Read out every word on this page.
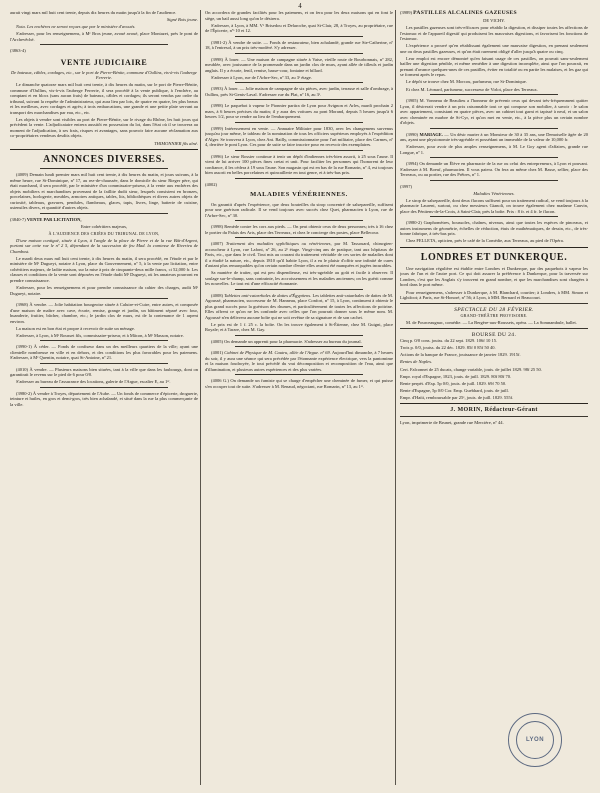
4

aurait vingt mars mil huit cent trente, depuis dix heures du matin jusqu'à la fin de l'audience.

Signé Bois jeune.

Nota. Les enchères ne seront reçues que par le ministère d'avoués.

S'adresser, pour les renseignemens, à Mᵉ Bros jeune, avoué avoué, place Montazet, près le pont de l'Archevêché.

(3863-4)

VENTE JUDICIAIRE

De bateaux, câbles, cordages, etc., sur le port de Pierre-Bénite, commune d'Oullins, vis-à-vis l'auberge Ferrerie.

Le dimanche quatorze mars mil huit cent trente, à dix heures du matin, sur le port de Pierre-Bénite, commune d'Oullins, vis-à-vis l'auberge Ferrerie, il sera procédé à la vente publique, à l'enchère, au comptant et en blocs (sans aucun frais) de bateaux, câbles et cordages; ils seront vendus par ordre du tribunal, suivant la requête de l'administrateur, qui aura lieu par lots, de quatre en quatre, les plus beaux et les meilleurs, avec cordages et agrès; à trois embarcations, une grande et une petite plate servant au transport des marchandises par eau, etc., etc.

Les objets à vendre sont visibles au port de Pierre-Bénite, sur le rivage du Rhône, les huit jours qui précèdent la vente. L'adjudicataire entrera aussitôt en possession du lot, dans l'état où il se trouvera au moment de l'adjudication, à ses frais, risques et avantages, sans pouvoir faire aucune réclamation aux co-propriétaires vendeurs desdits objets.

THIMONNIER fils aîné.

ANNONCES DIVERSES.

(4009) Demain lundi premier mars mil huit cent trente, à dix heures du matin, et jours suivans, à la même heure, rue St-Dominique, nº 17, au rez-de-chaussée, dans le domicile du sieur Rieger père, qui était marchand, il sera procédé, par le ministère d'un commissaire-priseur, à la vente aux enchères des objets mobiliers et marchandises provenant de la faillite dudit sieur, lesquels consistent en bronzes, porcelaines, horlogerie, meubles, armoires antiques, tables, lits, bibliothèques et divers autres objets de curiosité, tableaux, gravures, pendules, flambeaux, glaces, tapis, livres, linge, batterie de cuisine, ustensiles divers, et quantité d'autres objets.

(3840-7) VENTE PAR LICITATION,

Entre cohéritiers majeurs,

À L'AUDIENCE DES CRIÉES DU TRIBUNAL DE LYON,

D'une maison contiguë, située à Lyon, à l'angle de la place de Pierre et de la rue Bât-d'Argent, portant sur cette rue le nº 2 5, dépendant de la succession de feu Mad. la comtesse de Riverieu de Chambost.

Le mardi deux mars mil huit cent trente, à dix heures du matin, il sera procédé, en l'étude et par le ministère de Mᵉ Dugueyt, notaire à Lyon, place du Gouvernement, nº 5, à la vente par licitation, entre cohéritiers majeurs, de ladite maison, sur la mise à prix de cinquante-deux mille francs, ci 52,000 fr. Les clauses et conditions de la vente sont déposées en l'étude dudit Mᵉ Dugueyt, où les amateurs pourront en prendre connaissance.

S'adresser, pour les renseignemens et pour prendre connaissance du cahier des charges, audit Mᵉ Dugueyt, notaire.

(3968) À vendre. — Jolie habitation bourgeoise située à Caluire-et-Cuire, entre autres, et composée d'une maison de maître avec cave, écurie, remise, grange et jardin, un bâtiment séparé avec four, buanderie, fruitier, bûcher, chambre, etc.; le jardin clos de murs, est de la contenance de 1 arpent environ.

La maison est en bon état et propre à recevoir de suite un ménage.

S'adresser, à Lyon, à Mᵉ Rousset fils, commissaire-priseur, et à Mâcon, à Mᵉ Masson, notaire.

(3990-1) À céder. — Fonds de confiseur dans un des meilleurs quartiers de la ville; ayant une clientelle nombreuse en ville et en dehors, et des conditions les plus favorables pour les paiemens. S'adresser, à Mᵉ Quentin, notaire, quai St-Antoine, nº 21.

(4010) À vendre. — Plusieurs maisons bien situées, tant à la ville que dans les faubourgs, dont on garantirait le revenu sur le pied de 6 pour 0/0.

S'adresser au bureau de l'assurance des locations, galerie de l'Argue, escalier E, au 1ᵉʳ.

(3980-2) À vendre à Troyes, département de l'Aube. — Un fonds de commerce d'épicerie, droguerie, teinture et huiles, en gros et demi-gros, très bien achalandé, et situé dans la rue la plus commerçante de la ville.

On accordera de grandes facilités pour les paiemens, et on fera pour les deux maisons qui en font le siège, un bail aussi long qu'on le désirera.

S'adresser, à Lyon, à MM. Vᵉ Brisedou et Delarocbe, quai St-Clair, 28, à Troyes, au propriétaire, rue de l'Épicerie, nºˢ 10 et 12.

(3981-2) À vendre de suite. — Fonds de restaurateur, bien achalandé, grande rue Ste-Catherine, nº 18, à l'entresol, à un prix très-modéré. S'y adresser.

(3998) À louer. — Une maison de campagne située à Vaise, vieille route de Bourbonnais, nº 282, meublée, avec jouissance de la promenade dans un jardin clos de murs, ayant allée de tilleuls et jardin anglais. Il y a écurie, fenil, remise, basse-cour, fontaine et billard.

S'adresser à Lyon, rue de l'Arbre-Sec, nº 33, au 3ᵉ étage.

(3993) À louer. — Jolie maison de campagne de six pièces, avec jardin, terrasse et salle d'ombrage, à Oullins, près St-Genis-Laval. S'adresser rue du Plat, nº 16, au 3ᵉ.

(3998) Le paquebot à vapeur le Pionnier partira de Lyon pour Avignon et Arles, mardi prochain 2 mars, à 6 heures précises du matin; il y aura des voitures au pont Morand, depuis 5 heures jusqu'à 6 heures 1/2, pour se rendre au lieu de l'embarquement.

(3999) Intéressement en vente. — Annuaire Militaire pour 1830, avec les changemens survenus jusqu'au jour même, le tableau de la nomination de tous les officiers supérieurs employés à l'expédition d'Alger. Se trouvera à Lyon, chez Ant. Bailly, commissionnaire pour l'art militaire, place des Carmes, nº 4, derrière le pont Lyon. Ces pour de suite se faire inscrire pour en recevoir des exemplaires.

(3996) Le sieur Rossier continue à tenir un dépôt d'indiennes très-bien assorti, à 25 sous l'aune. Il vient de lui arriver 100 pièces fines cretat et unit. Pour faciliter les personnes qui l'honorent de leur confiance, il les cédera à 19 sous l'aune. Son magasin qui est en bas de la rue Romarin, nº 4, est toujours bien assorti en belles porcelaines et quincaillerie en tout genre, et à très-bas prix.

(4002)

MALADIES VÉNÉRIENNES.

On garantit d'après l'expérience, que deux bouteilles du sirop concentré de salsepareille, suffisent pour une guérison radicale. Il se vend toujours avec succès chez Quet, pharmacien à Lyon, rue de l'Arbre-Sec, nº 30.

(3998) Remède contre les cors aux pieds. — On peut obtenir ceux de deux personnes; très à 16 chez le portier du Palais des Arts, place des Terreaux, et chez le concierge des postes, place Bellecour.

(4007) Traitement des maladies syphilitiques ou vénériennes, par M. Tassouard, chirurgien-accoucheur à Lyon, rue Lafont, nº 26, au 2ᵉ étage. Vingt-cinq ans de pratique, tant aux hôpitaux de Paris, etc., que dans le civil. Tout mis au courant du traitement véritable de ces sortes de maladies dont il a étudié la nature, etc., depuis 1810 qu'il habite Lyon, il a eu le plaisir d'offrir une infinité de cures d'autant plus remarquables qu'on certain nombre d'entre elles avaient été manquées et jugées incurables.

Sa manière de traiter, qui est peu dispendieuse, est très-agréable au goût et facile à observer. Il soulage sur-le-champ, sans contrainte, les accroissemens et les maladies anciennes; on les guérit comme les nouvelles. Le tout est d'une efficacité étonnante.

(4008) Tablettes anti-catarrhales de dattes d'Égyptiens. Les tablettes anti-catarrhales de dattes de M. Agoussé, pharmacien, successeur de M. Hanneau, place Confort, nº 15, à Lyon, continuent à obtenir le plus grand succès pour la guérison des rhumes, et particulièrement de toutes les affections de poitrine. Elles offrent ce qu'on ne les confonde avec celles que l'on pourrait donner sous le même nom. M. Agoussé n'en délivrera aucune boîte qui ne soit revêtue de sa signature et de son cachet.

Le prix est de 1 f. 25 c. la boîte. On les trouve également à St-Étienne, chez M. Guigni, place Royale; et à Tarare, chez M. Gay.

(4005) On demande un apprenti pour la pharmacie. S'adresser au bureau du journal.

(4001) Cabinet de Physique de M. Cautru, allée de l'Argue. nº 69. Aujourd'hui dimanche, à 7 heures du soir, il y aura une séance qui sera précédée par l'étonnante expérience électrique, vers la pantomime et la maison foudroyée, le tout précédé du vrai décomposition et recomposition de l'eau, ainsi que d'illumination, et plusieurs autres expériences et des plus variées.

(4006 G.) On demande un fumiste qui se charge d'empêcher une cheminée de fumer, et qui puisse s'en occuper tout de suite. S'adresser à M. Renaud, négociant, rue Romarin, nº 13, au 1ᵉʳ.

(3989) PASTILLES ALCALINES GAZEUSES

DE VICHY.

Les pastilles gazeuses sont très-efficaces pour rétablir la digestion, et dissiper toutes les affections de l'estomac et de l'appareil digestif qui produisent les mauvaises digestions, et favorisent les fonctions de l'estomac.

L'expérience a prouvé qu'en rétablissant également une mauvaise digestion, en prenant seulement une ou deux pastilles gazeuses, et qu'on était rarement obligé d'aller jusqu'à quatre ou cinq.

Leur emploi est encore démontré qu'en faisant usage de ces pastilles, on pouvait sans-seulement bailler une digestion pénible, et même remédier à une digestion incomplète, ainsi que l'on pourrait, en prenant d'avance quelques-unes de ces pastilles, éviter en totalité ou en partie les malaises, et les gaz qui se forment après le repas.

Le dépôt se trouve chez M. Morcou, parfumeur, rue St-Dominique.

Et chez M. Léonard, parfumeur, successeur de Virlot, place des Terreaux.

(3905) M. Vonneau de Beaulieu a l'honneur de prévenir ceux qui devant très-fréquemment quitter Lyon, il désirerait vendre à un prix raisonnable tout ce qui compose son mobilier, à savoir : le salon avec appartement, consistant en quatre pièces, avec un cabinet tout garni et tapissé à neuf, et un salon avec cheminée en marbre de St-Cyr, et qu'on met en vente, etc., à la pièce plus un certain nombre d'objets.

(3990) MARIAGE. — Un désir marier à un Monsieur de 30 à 35 ans, une Demoiselle âgée de 20 ans, ayant une physionomie très-agréable et possédant un immeuble de la valeur de 10,000 fr.

S'adresser, pour avoir de plus amples renseignemens, à M. Le Goy agent d'affaires, grande rue Longue, nº 1.

(3994) On demande un Élève en pharmacie de la rue ou celui des entrepreneurs, à Lyon et pouvant. S'adresser à M. Boeuf, pharmacien. Il vous paiera. On fera au même chez M. Basse, sellier, place des Terreaux, ou au portier, rue des Prêtres, nº 1.

(3997)

Maladies Vénériennes.

Le sirop de salsepareille, dont deux flacons suffisent pour un traitement radical, se vend toujours à la pharmacie Laurent, surtout, ou chez messieurs Gianoli, on trouve également chez madame Cauvin, place des Pénitens-de-la-Croix, à Saint-Clair, près la boîte. Prix : 8 fr. et 4 fr. le flacon.

(3980-2) Graphomètres, boussoles, chaînes, niveaux, ainsi que toutes les espèces de pinceaux, et autres instrumens de géométrie, échelles de réduction, étuis de mathématiques, de dessin, etc., de très-bonne fabrique, à très-bas prix.

Chez FELLETA, opticien, près le café de la Comédie, aux Terreaux, au pied de l'Opéra.

LONDRES ET DUNKERQUE.

Une navigation régulière est établie entre Londres et Dunkerque, par des paquebots à vapeur les jours de l'un et de l'autre port. Ce qui doit assurer la préférence à Dunkerque, pour la traversée sur Londres, c'est que les Anglais s'y trouvent en grand nombre, et que les marchandises sont chargées à bord dans le port même.

Pour renseignemens, s'adresser à Dunkerque, à M. Blanchard, courtier; à Londres, à MM. Simon et Lightfoot; à Paris, rue St-Honoré, nº 56; à Lyon, à MM. Bernard et Beaucourt.

SPECTACLE DU 28 FÉVRIER.

GRAND-THÉÂTRE PROVISOIRE.

M. de Pourceaugnac, comédie. — La Bergère-aux-Roussets, opéra. — La Somnambule, ballet.

BOURSE DU 24.

Cinq p. 0/0 cons. jouiss. du 22 sept. 1829. 106f 10 15.

Trois p. 0/0, jouiss. du 22 déc. 1829. 85f 0 85f 50 40.

Actions de la banque de France, jouissance de janvier 1829. 1915f.

Rentes de Naples.

Cert. Falconnet de 25 ducats, change variable, jouis. de juillet 1829. 98f 25 50.

Empr. royal d'Espagne, 1823, jouis. de juill. 1829. 80f 80f 70.

Rente perpét. d'Esp. 5p 0/0, jouis. de juill. 1829. 69f 70 50.

Rente d'Espagne, 5p 0/0 Cor. Emp. Guebhard, jouis. de juill.

Empr. d'Haïti, remboursable par 25ᵉ, jouis. de juill. 1829. 555f.

J. MORIN, Rédacteur-Gérant

Lyon, imprimerie de Brunet, grande rue Mercière, nº 44.

LYON
